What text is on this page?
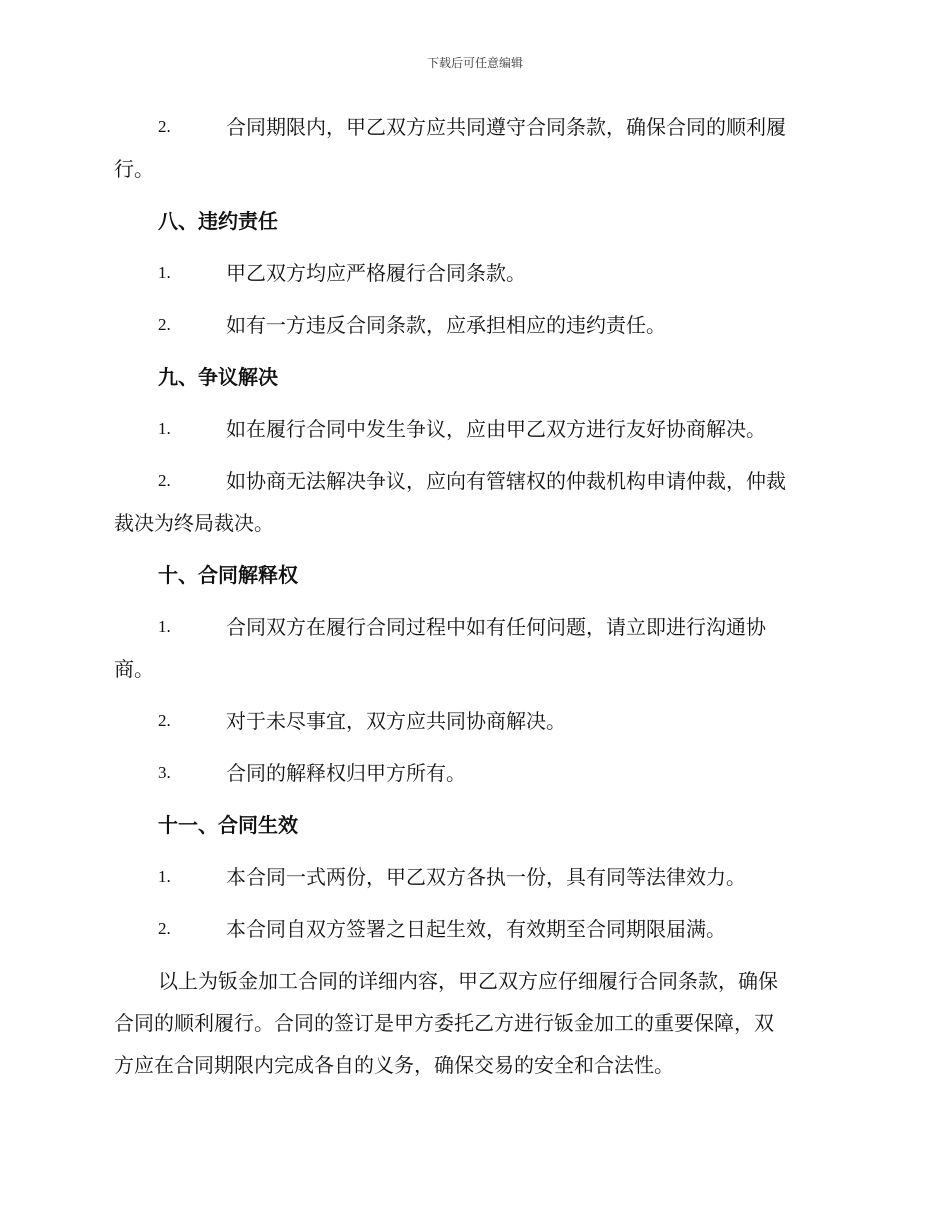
下载后可任意编辑
2.	合同期限内，甲乙双方应共同遵守合同条款，确保合同的顺利履
行。
八、违约责任
1.	甲乙双方均应严格履行合同条款。
2.	如有一方违反合同条款，应承担相应的违约责任。
九、争议解决
1.	如在履行合同中发生争议，应由甲乙双方进行友好协商解决。
2.	如协商无法解决争议，应向有管辖权的仲裁机构申请仲裁，仲裁
裁决为终局裁决。
十、合同解释权
1.	合同双方在履行合同过程中如有任何问题，请立即进行沟通协
商。
2.	对于未尽事宜，双方应共同协商解决。
3.	合同的解释权归甲方所有。
十一、合同生效
1.	本合同一式两份，甲乙双方各执一份，具有同等法律效力。
2.	本合同自双方签署之日起生效，有效期至合同期限届满。
以上为钣金加工合同的详细内容，甲乙双方应仔细履行合同条款，确保
合同的顺利履行。合同的签订是甲方委托乙方进行钣金加工的重要保障，双
方应在合同期限内完成各自的义务，确保交易的安全和合法性。
